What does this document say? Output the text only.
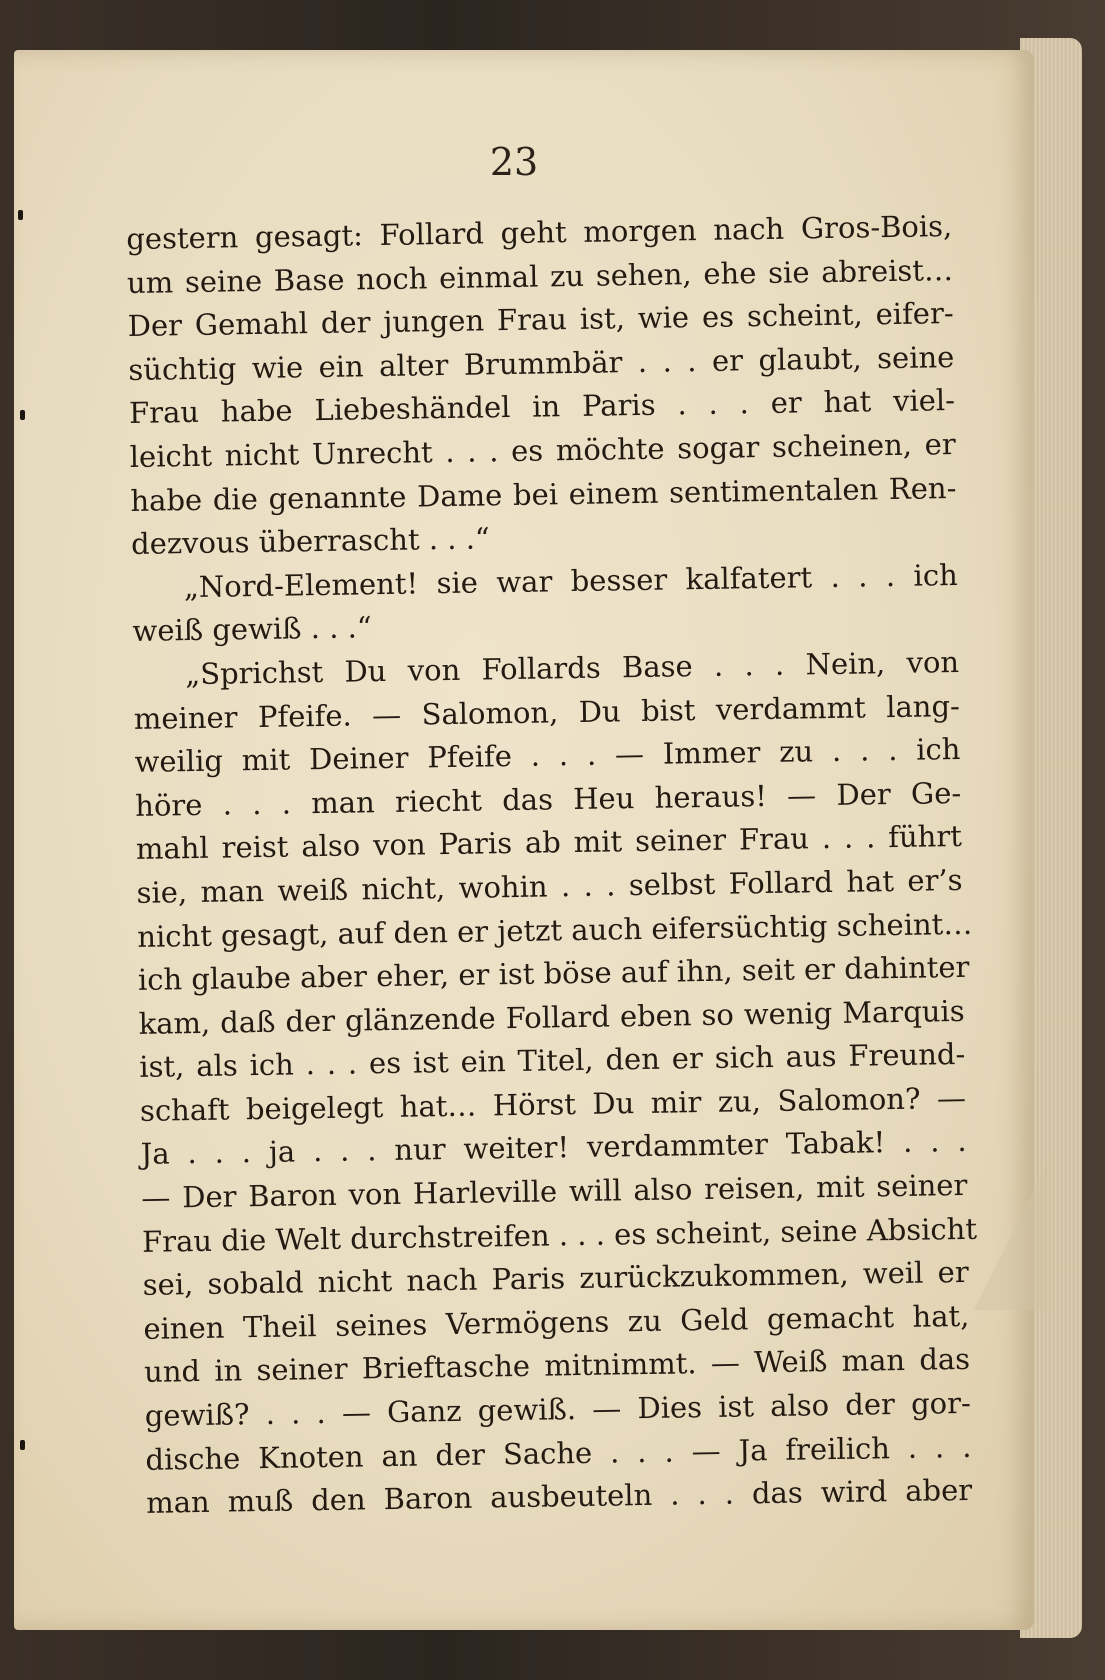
23

gestern gesagt: Follard geht morgen nach Gros-Bois,
um seine Base noch einmal zu sehen, ehe sie abreist…
Der Gemahl der jungen Frau ist, wie es scheint, eifer-
süchtig wie ein alter Brummbär . . . er glaubt, seine
Frau habe Liebeshändel in Paris . . . er hat viel-
leicht nicht Unrecht . . . es möchte sogar scheinen, er
habe die genannte Dame bei einem sentimentalen Ren-
dezvous überrascht . . .“
„Nord-Element! sie war besser kalfatert . . . ich
weiß gewiß . . .“
„Sprichst Du von Follards Base . . . Nein, von
meiner Pfeife. — Salomon, Du bist verdammt lang-
weilig mit Deiner Pfeife . . . — Immer zu . . . ich
höre . . . man riecht das Heu heraus! — Der Ge-
mahl reist also von Paris ab mit seiner Frau . . . führt
sie, man weiß nicht, wohin . . . selbst Follard hat er’s
nicht gesagt, auf den er jetzt auch eifersüchtig scheint…
ich glaube aber eher, er ist böse auf ihn, seit er dahinter
kam, daß der glänzende Follard eben so wenig Marquis
ist, als ich . . . es ist ein Titel, den er sich aus Freund-
schaft beigelegt hat… Hörst Du mir zu, Salomon? —
Ja . . . ja . . . nur weiter! verdammter Tabak! . . .
— Der Baron von Harleville will also reisen, mit seiner
Frau die Welt durchstreifen . . . es scheint, seine Absicht
sei, sobald nicht nach Paris zurückzukommen, weil er
einen Theil seines Vermögens zu Geld gemacht hat,
und in seiner Brieftasche mitnimmt. — Weiß man das
gewiß? . . . — Ganz gewiß. — Dies ist also der gor-
dische Knoten an der Sache . . . — Ja freilich . . .
man muß den Baron ausbeuteln . . . das wird aber
